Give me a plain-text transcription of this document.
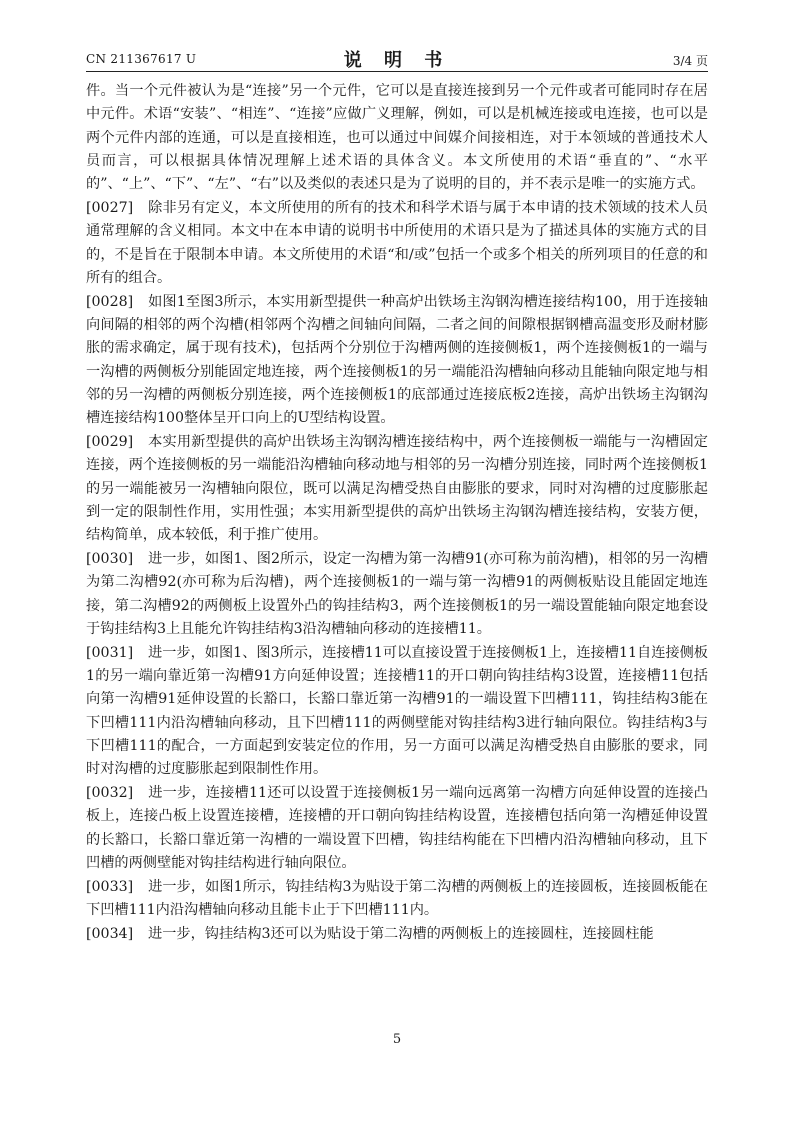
CN 211367617 U	说 明 书	3/4 页

件。当一个元件被认为是“连接”另一个元件，它可以是直接连接到另一个元件或者可能同时存在居中元件。术语“安装”、“相连”、“连接”应做广义理解，例如，可以是机械连接或电连接，也可以是两个元件内部的连通，可以是直接相连，也可以通过中间媒介间接相连，对于本领域的普通技术人员而言，可以根据具体情况理解上述术语的具体含义。本文所使用的术语“垂直的”、“水平的”、“上”、“下”、“左”、“右”以及类似的表述只是为了说明的目的，并不表示是唯一的实施方式。

[0027] 除非另有定义，本文所使用的所有的技术和科学术语与属于本申请的技术领域的技术人员通常理解的含义相同。本文中在本申请的说明书中所使用的术语只是为了描述具体的实施方式的目的，不是旨在于限制本申请。本文所使用的术语“和/或”包括一个或多个相关的所列项目的任意的和所有的组合。

[0028] 如图1至图3所示，本实用新型提供一种高炉出铁场主沟钢沟槽连接结构100，用于连接轴向间隔的相邻的两个沟槽(相邻两个沟槽之间轴向间隔，二者之间的间隙根据钢槽高温变形及耐材膨胀的需求确定，属于现有技术)，包括两个分别位于沟槽两侧的连接侧板1，两个连接侧板1的一端与一沟槽的两侧板分别能固定地连接，两个连接侧板1的另一端能沿沟槽轴向移动且能轴向限定地与相邻的另一沟槽的两侧板分别连接，两个连接侧板1的底部通过连接底板2连接，高炉出铁场主沟钢沟槽连接结构100整体呈开口向上的U型结构设置。

[0029] 本实用新型提供的高炉出铁场主沟钢沟槽连接结构中，两个连接侧板一端能与一沟槽固定连接，两个连接侧板的另一端能沿沟槽轴向移动地与相邻的另一沟槽分别连接，同时两个连接侧板1的另一端能被另一沟槽轴向限位，既可以满足沟槽受热自由膨胀的要求，同时对沟槽的过度膨胀起到一定的限制性作用，实用性强；本实用新型提供的高炉出铁场主沟钢沟槽连接结构，安装方便，结构简单，成本较低，利于推广使用。

[0030] 进一步，如图1、图2所示，设定一沟槽为第一沟槽91(亦可称为前沟槽)，相邻的另一沟槽为第二沟槽92(亦可称为后沟槽)，两个连接侧板1的一端与第一沟槽91的两侧板贴设且能固定地连接，第二沟槽92的两侧板上设置外凸的钩挂结构3，两个连接侧板1的另一端设置能轴向限定地套设于钩挂结构3上且能允许钩挂结构3沿沟槽轴向移动的连接槽11。

[0031] 进一步，如图1、图3所示，连接槽11可以直接设置于连接侧板1上，连接槽11自连接侧板1的另一端向靠近第一沟槽91方向延伸设置；连接槽11的开口朝向钩挂结构3设置，连接槽11包括向第一沟槽91延伸设置的长豁口，长豁口靠近第一沟槽91的一端设置下凹槽111，钩挂结构3能在下凹槽111内沿沟槽轴向移动，且下凹槽111的两侧壁能对钩挂结构3进行轴向限位。钩挂结构3与下凹槽111的配合，一方面起到安装定位的作用，另一方面可以满足沟槽受热自由膨胀的要求，同时对沟槽的过度膨胀起到限制性作用。

[0032] 进一步，连接槽11还可以设置于连接侧板1另一端向远离第一沟槽方向延伸设置的连接凸板上，连接凸板上设置连接槽，连接槽的开口朝向钩挂结构设置，连接槽包括向第一沟槽延伸设置的长豁口，长豁口靠近第一沟槽的一端设置下凹槽，钩挂结构能在下凹槽内沿沟槽轴向移动，且下凹槽的两侧壁能对钩挂结构进行轴向限位。

[0033] 进一步，如图1所示，钩挂结构3为贴设于第二沟槽的两侧板上的连接圆板，连接圆板能在下凹槽111内沿沟槽轴向移动且能卡止于下凹槽111内。

[0034] 进一步，钩挂结构3还可以为贴设于第二沟槽的两侧板上的连接圆柱，连接圆柱能

5
